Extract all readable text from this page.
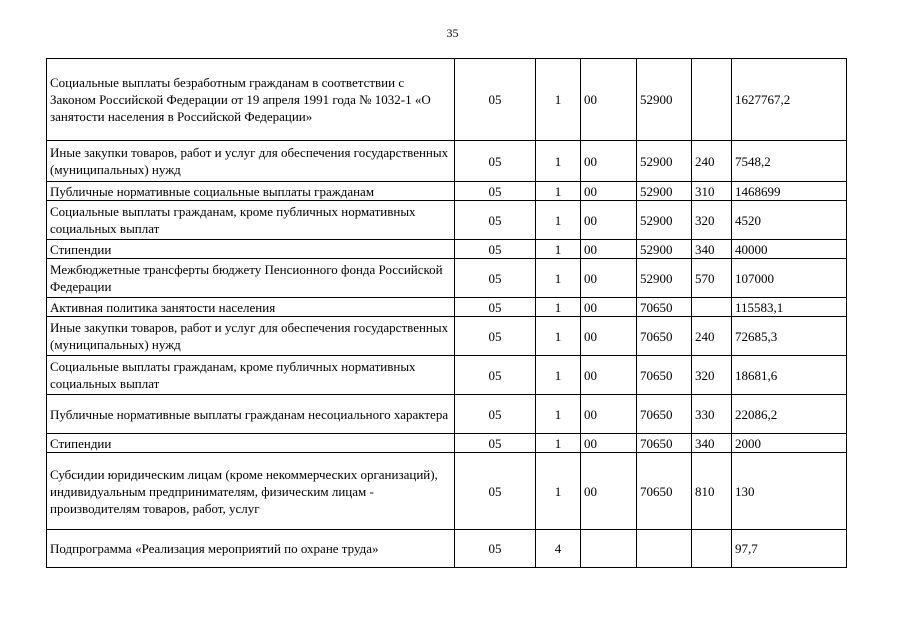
35
Социальные выплаты безработным гражданам в соответствии с Законом Российской Федерации от 19 апреля 1991 года № 1032-1 «О занятости населения в Российской Федерации»	05	1	00	52900		1627767,2
Иные закупки товаров, работ и услуг для обеспечения государственных (муниципальных) нужд	05	1	00	52900	240	7548,2
Публичные нормативные социальные выплаты гражданам	05	1	00	52900	310	1468699
Социальные выплаты гражданам, кроме публичных нормативных социальных выплат	05	1	00	52900	320	4520
Стипендии	05	1	00	52900	340	40000
Межбюджетные трансферты бюджету Пенсионного фонда Российской Федерации	05	1	00	52900	570	107000
Активная политика занятости населения	05	1	00	70650		115583,1
Иные закупки товаров, работ и услуг для обеспечения государственных (муниципальных) нужд	05	1	00	70650	240	72685,3
Социальные выплаты гражданам, кроме публичных нормативных социальных выплат	05	1	00	70650	320	18681,6
Публичные нормативные выплаты гражданам несоциального характера	05	1	00	70650	330	22086,2
Стипендии	05	1	00	70650	340	2000
Субсидии юридическим лицам (кроме некоммерческих организаций), индивидуальным предпринимателям, физическим лицам - производителям товаров, работ, услуг	05	1	00	70650	810	130
Подпрограмма «Реализация мероприятий по охране труда»	05	4				97,7
